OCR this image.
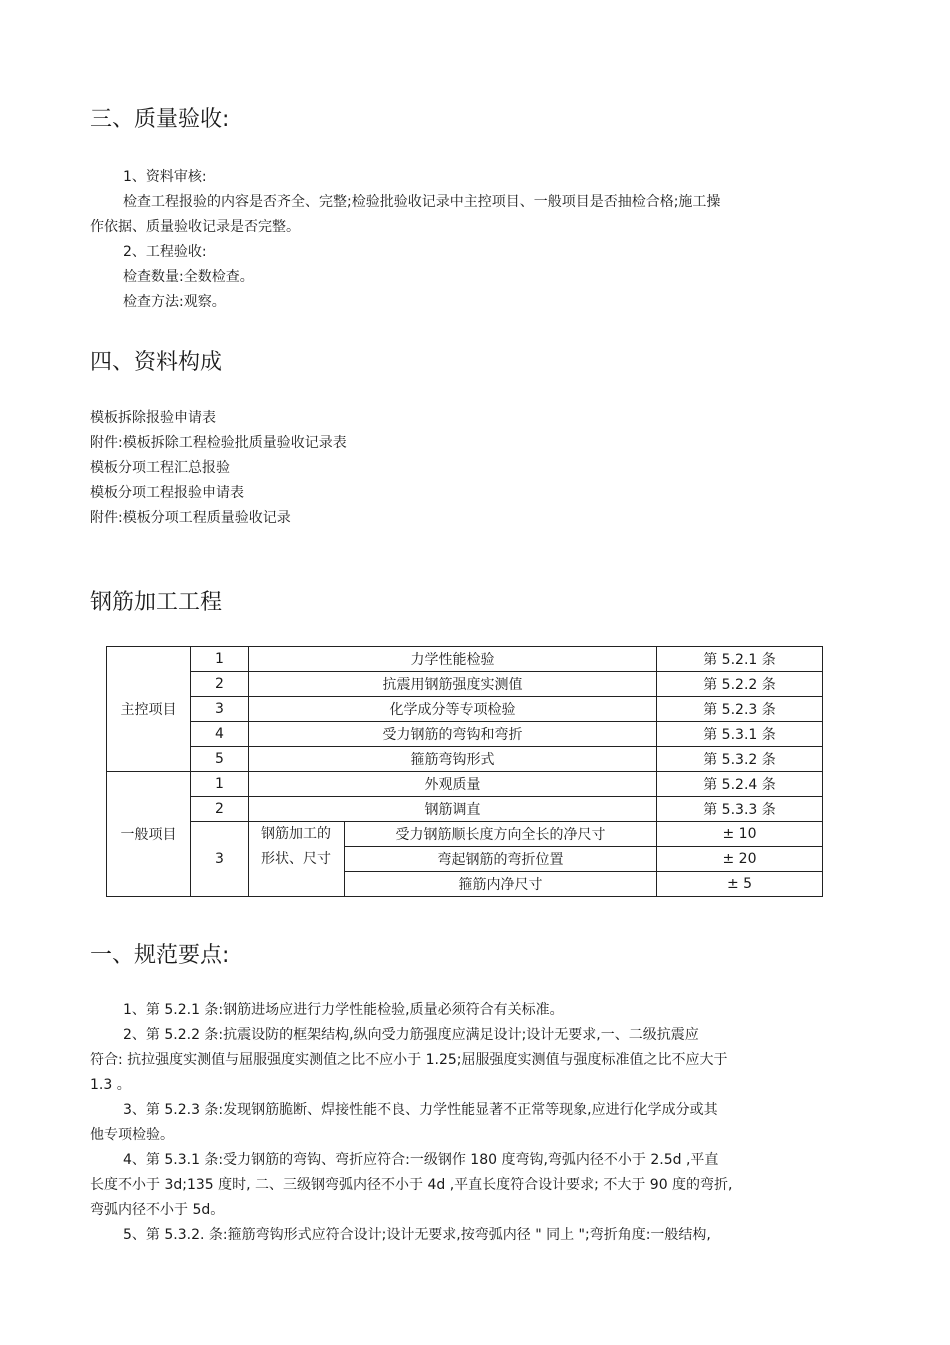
三、质量验收:
1、资料审核:
检查工程报验的内容是否齐全、完整;检验批验收记录中主控项目、一般项目是否抽检合格;施工操
作依据、质量验收记录是否完整。
2、工程验收:
检查数量:全数检查。
检查方法:观察。
四、资料构成
模板拆除报验申请表
附件:模板拆除工程检验批质量验收记录表
模板分项工程汇总报验
模板分项工程报验申请表
附件:模板分项工程质量验收记录
钢筋加工工程
主控项目	1	力学性能检验		第 5.2.1 条
	2	抗震用钢筋强度实测值		第 5.2.2 条
	3	化学成分等专项检验		第 5.2.3 条
	4	受力钢筋的弯钩和弯折		第 5.3.1 条
	5	箍筋弯钩形式		第 5.3.2 条
一般项目	1	外观质量		第 5.2.4 条
	2	钢筋调直		第 5.3.3 条
	3	钢筋加工的
形状、尺寸	受力钢筋顺长度方向全长的净尺寸	± 10
			弯起钢筋的弯折位置	± 20
			箍筋内净尺寸	± 5
一、规范要点:
1、第 5.2.1 条:钢筋进场应进行力学性能检验,质量必须符合有关标准。
2、第 5.2.2 条:抗震设防的框架结构,纵向受力筋强度应满足设计;设计无要求,一、二级抗震应
符合: 抗拉强度实测值与屈服强度实测值之比不应小于 1.25;屈服强度实测值与强度标准值之比不应大于
1.3 。
3、第 5.2.3 条:发现钢筋脆断、焊接性能不良、力学性能显著不正常等现象,应进行化学成分或其
他专项检验。
4、第 5.3.1 条:受力钢筋的弯钩、弯折应符合:一级钢作 180 度弯钩,弯弧内径不小于 2.5d ,平直
长度不小于 3d;135 度时, 二、三级钢弯弧内径不小于 4d ,平直长度符合设计要求; 不大于 90 度的弯折,
弯弧内径不小于 5d。
5、第 5.3.2. 条:箍筋弯钩形式应符合设计;设计无要求,按弯弧内径 " 同上 ";弯折角度:一般结构,
